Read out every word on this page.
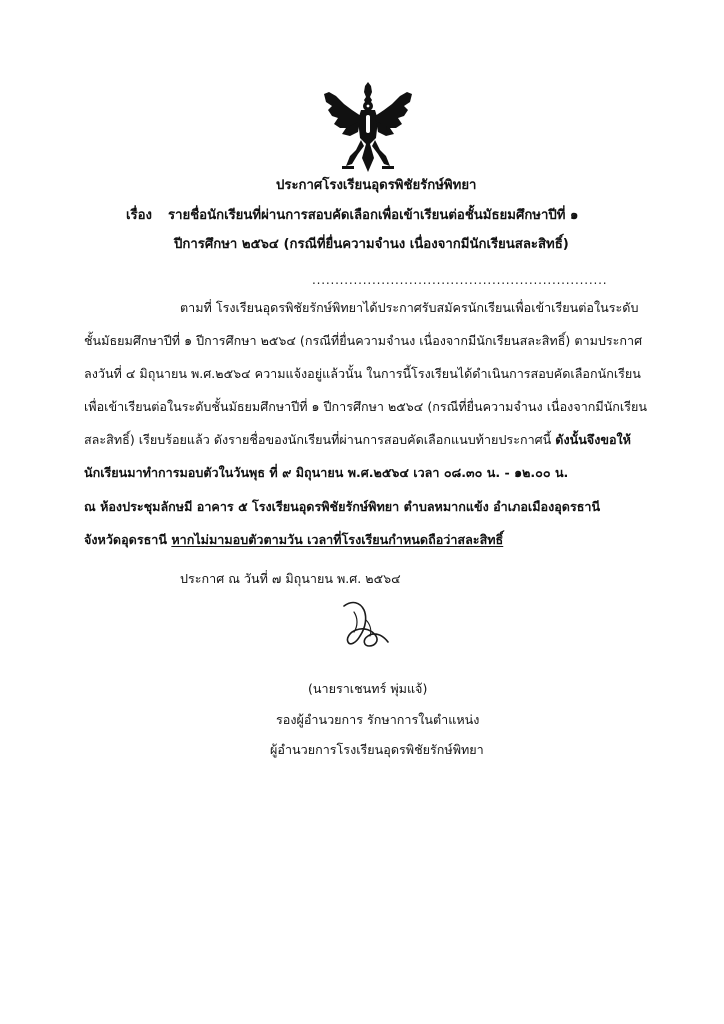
ประกาศโรงเรียนอุดรพิชัยรักษ์พิทยา
เรื่อง รายชื่อนักเรียนที่ผ่านการสอบคัดเลือกเพื่อเข้าเรียนต่อชั้นมัธยมศึกษาปีที่ ๑
ปีการศึกษา ๒๕๖๔ (กรณีที่ยื่นความจำนง เนื่องจากมีนักเรียนสละสิทธิ์)
................................................................
ตามที่ โรงเรียนอุดรพิชัยรักษ์พิทยาได้ประกาศรับสมัครนักเรียนเพื่อเข้าเรียนต่อในระดับ
ชั้นมัธยมศึกษาปีที่ ๑ ปีการศึกษา ๒๕๖๔ (กรณีที่ยื่นความจำนง เนื่องจากมีนักเรียนสละสิทธิ์) ตามประกาศ
ลงวันที่ ๔ มิถุนายน พ.ศ.๒๕๖๔ ความแจ้งอยู่แล้วนั้น ในการนี้โรงเรียนได้ดำเนินการสอบคัดเลือกนักเรียน
เพื่อเข้าเรียนต่อในระดับชั้นมัธยมศึกษาปีที่ ๑ ปีการศึกษา ๒๕๖๔ (กรณีที่ยื่นความจำนง เนื่องจากมีนักเรียน
สละสิทธิ์) เรียบร้อยแล้ว ดังรายชื่อของนักเรียนที่ผ่านการสอบคัดเลือกแนบท้ายประกาศนี้ ดังนั้นจึงขอให้
นักเรียนมาทำการมอบตัวในวันพุธ ที่ ๙ มิถุนายน พ.ศ.๒๕๖๔ เวลา ๐๘.๓๐ น. - ๑๒.๐๐ น.
ณ ห้องประชุมลักษมี อาคาร ๕ โรงเรียนอุดรพิชัยรักษ์พิทยา ตำบลหมากแข้ง อำเภอเมืองอุดรธานี
จังหวัดอุดรธานี หากไม่มามอบตัวตามวัน เวลาที่โรงเรียนกำหนดถือว่าสละสิทธิ์
ประกาศ ณ วันที่ ๗ มิถุนายน พ.ศ. ๒๕๖๔
(นายราเชนทร์ พุ่มแจ้)
รองผู้อำนวยการ รักษาการในตำแหน่ง
ผู้อำนวยการโรงเรียนอุดรพิชัยรักษ์พิทยา
